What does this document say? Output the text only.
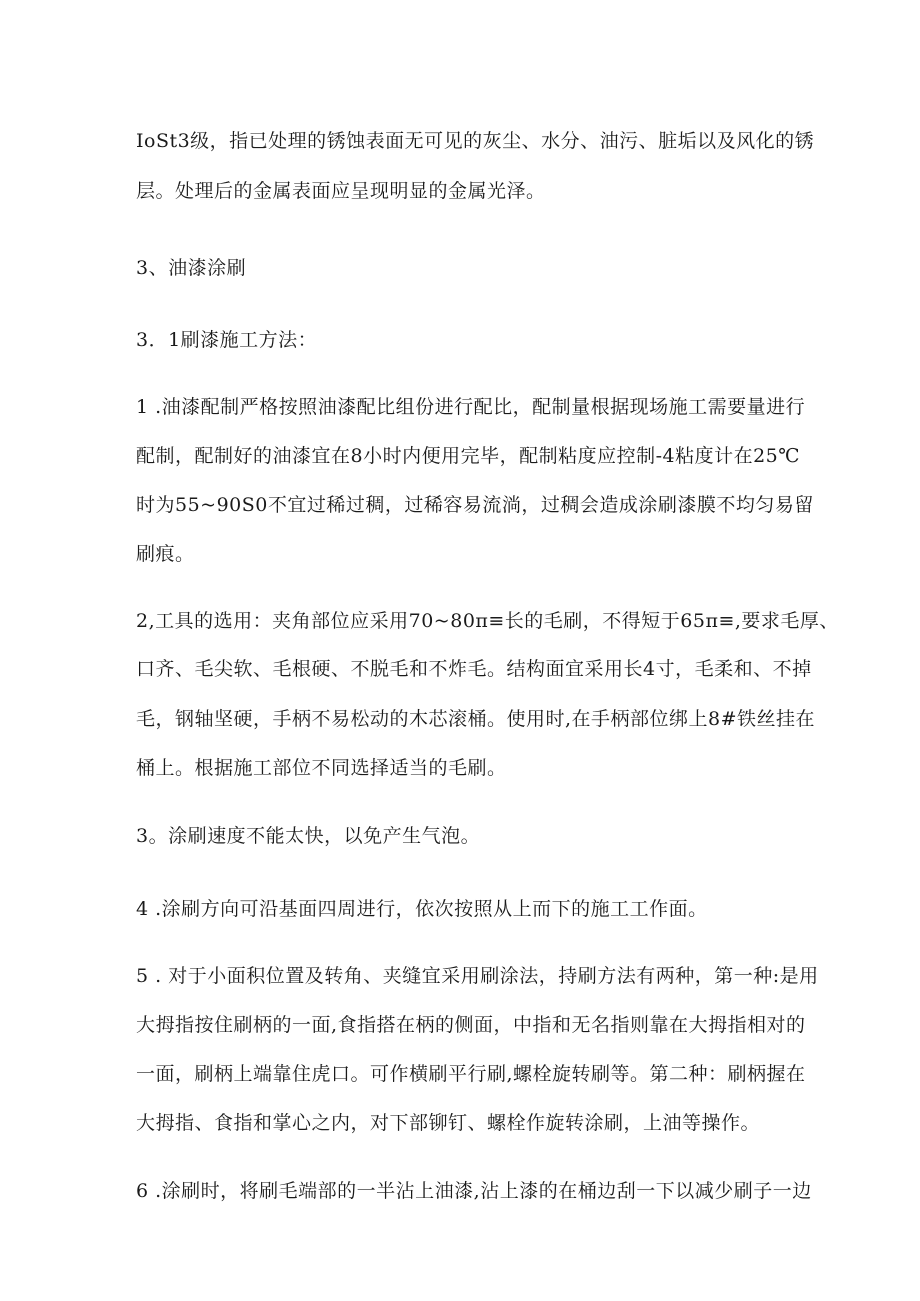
IoSt3级，指已处理的锈蚀表面无可见的灰尘、水分、油污、脏垢以及风化的锈
层。处理后的金属表面应呈现明显的金属光泽。
3、油漆涂刷
3．1刷漆施工方法：
1 .油漆配制严格按照油漆配比组份进行配比，配制量根据现场施工需要量进行
配制，配制好的油漆宜在8小时内便用完毕，配制粘度应控制-4粘度计在25℃
时为55~90S0不宜过稀过稠，过稀容易流淌，过稠会造成涂刷漆膜不均匀易留
刷痕。
2,工具的选用：夹角部位应采用70~80π≡长的毛刷，不得短于65π≡,要求毛厚、
口齐、毛尖软、毛根硬、不脱毛和不炸毛。结构面宜采用长4寸，毛柔和、不掉
毛，钢轴坚硬，手柄不易松动的木芯滚桶。使用时,在手柄部位绑上8#铁丝挂在
桶上。根据施工部位不同选择适当的毛刷。
3。涂刷速度不能太快，以免产生气泡。
4 .涂刷方向可沿基面四周进行，依次按照从上而下的施工工作面。
5 . 对于小面积位置及转角、夹缝宜采用刷涂法，持刷方法有两种，第一种:是用
大拇指按住刷柄的一面,食指搭在柄的侧面，中指和无名指则靠在大拇指相对的
一面，刷柄上端靠住虎口。可作横刷平行刷,螺栓旋转刷等。第二种：刷柄握在
大拇指、食指和掌心之内，对下部铆钉、螺栓作旋转涂刷，上油等操作。
6 .涂刷时，将刷毛端部的一半沾上油漆,沾上漆的在桶边刮一下以减少刷子一边
